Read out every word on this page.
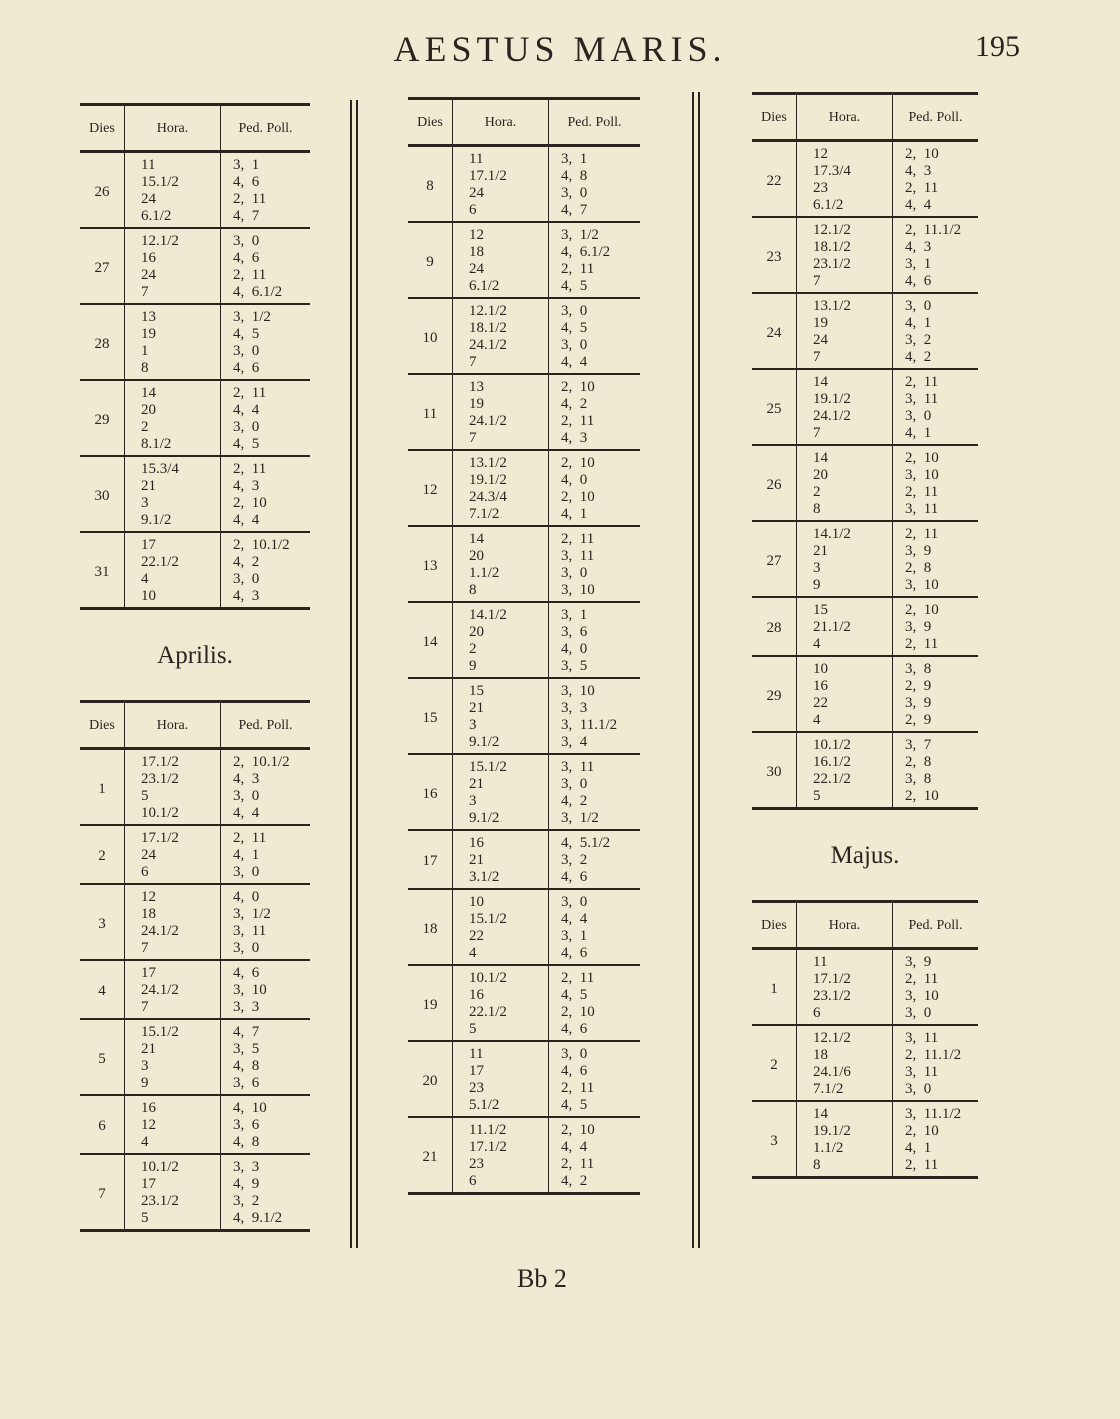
AESTUS MARIS.	195
Dies	Hora.	Ped. Poll.
26	11	3,  1
	15.1/2	4,  6
	24	2,  11
	6.1/2	4,  7
27	12.1/2	3,  0
	16	4,  6
	24	2,  11
	7	4,  6.1/2
28	13	3,  1/2
	19	4,  5
	1	3,  0
	8	4,  6
29	14	2,  11
	20	4,  4
	2	3,  0
	8.1/2	4,  5
30	15.3/4	2,  11
	21	4,  3
	3	2,  10
	9.1/2	4,  4
31	17	2,  10.1/2
	22.1/2	4,  2
	4	3,  0
	10	4,  3
Aprilis.
Dies	Hora.	Ped. Poll.
1	17.1/2	2,  10.1/2
	23.1/2	4,  3
	5	3,  0
	10.1/2	4,  4
2	17.1/2	2,  11
	24	4,  1
	6	3,  0
3	12	4,  0
	18	3,  1/2
	24.1/2	3,  11
	7	3,  0
4	17	4,  6
	24.1/2	3,  10
	7	3,  3
5	15.1/2	4,  7
	21	3,  5
	3	4,  8
	9	3,  6
6	16	4,  10
	12	3,  6
	4	4,  8
7	10.1/2	3,  3
	17	4,  9
	23.1/2	3,  2
	5	4,  9.1/2
Dies	Hora.	Ped. Poll.
8	11	3,  1
	17.1/2	4,  8
	24	3,  0
	6	4,  7
9	12	3,  1/2
	18	4,  6.1/2
	24	2,  11
	6.1/2	4,  5
10	12.1/2	3,  0
	18.1/2	4,  5
	24.1/2	3,  0
	7	4,  4
11	13	2,  10
	19	4,  2
	24.1/2	2,  11
	7	4,  3
12	13.1/2	2,  10
	19.1/2	4,  0
	24.3/4	2,  10
	7.1/2	4,  1
13	14	2,  11
	20	3,  11
	1.1/2	3,  0
	8	3,  10
14	14.1/2	3,  1
	20	3,  6
	2	4,  0
	9	3,  5
15	15	3,  10
	21	3,  3
	3	3,  11.1/2
	9.1/2	3,  4
16	15.1/2	3,  11
	21	3,  0
	3	4,  2
	9.1/2	3,  1/2
17	16	4,  5.1/2
	21	3,  2
	3.1/2	4,  6
18	10	3,  0
	15.1/2	4,  4
	22	3,  1
	4	4,  6
19	10.1/2	2,  11
	16	4,  5
	22.1/2	2,  10
	5	4,  6
20	11	3,  0
	17	4,  6
	23	2,  11
	5.1/2	4,  5
21	11.1/2	2,  10
	17.1/2	4,  4
	23	2,  11
	6	4,  2
Dies	Hora.	Ped. Poll.
22	12	2,  10
	17.3/4	4,  3
	23	2,  11
	6.1/2	4,  4
23	12.1/2	2,  11.1/2
	18.1/2	4,  3
	23.1/2	3,  1
	7	4,  6
24	13.1/2	3,  0
	19	4,  1
	24	3,  2
	7	4,  2
25	14	2,  11
	19.1/2	3,  11
	24.1/2	3,  0
	7	4,  1
26	14	2,  10
	20	3,  10
	2	2,  11
	8	3,  11
27	14.1/2	2,  11
	21	3,  9
	3	2,  8
	9	3,  10
28	15	2,  10
	21.1/2	3,  9
	4	2,  11
29	10	3,  8
	16	2,  9
	22	3,  9
	4	2,  9
30	10.1/2	3,  7
	16.1/2	2,  8
	22.1/2	3,  8
	5	2,  10
Majus.
Dies	Hora.	Ped. Poll.
1	11	3,  9
	17.1/2	2,  11
	23.1/2	3,  10
	6	3,  0
2	12.1/2	3,  11
	18	2,  11.1/2
	24.1/6	3,  11
	7.1/2	3,  0
3	14	3,  11.1/2
	19.1/2	2,  10
	1.1/2	4,  1
	8	2,  11
Bb 2
